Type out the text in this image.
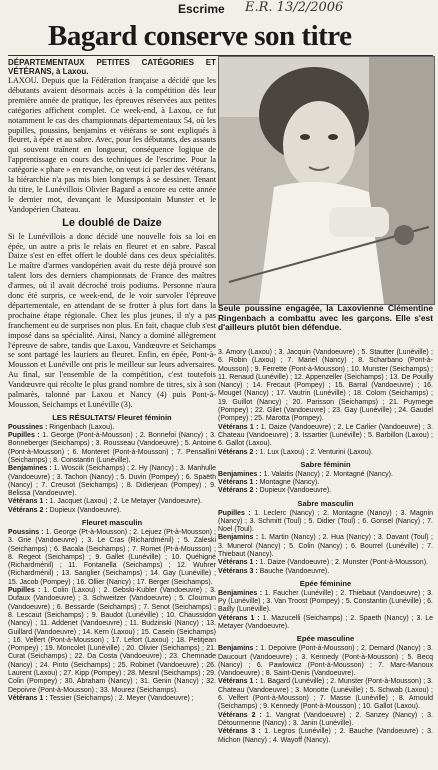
Escrime E.R. 13/2/2006
Bagard conserve son titre
DÉPARTEMENTAUX PETITES CATÉGORIES ET VÉTÉRANS, à Laxou.
LAXOU. Depuis que la Fédération française a décidé que les débutants avaient désormais accès à la compétition dès leur première année de pratique, les épreuves réservées aux petites catégories affichent complet. Ce week-end, à Laxou, ce fut notamment le cas des championnats départementaux 54, où les pupilles, poussins, benjamins et vétérans se sont expliqués à fleuret, à épée et au sabre. Avec, pour les débutants, des assauts qui souvent traînent en longueur, conséquence logique de l'apprentissage en cours des techniques de l'escrime. Pour la catégorie « phare » en revanche, on veut ici parler des vétérans, la hiérarchie n'a pas mis bien longtemps à se dessiner. Tenant du titre, le Lunévillois Olivier Bagard a encore eu cette année le dernier mot, devançant le Mussipontain Munster et le Vandopérien Chateau.
Le doublé de Daize
Si le Lunévillois a donc décidé une nouvelle fois sa loi en épée, un autre a pris le relais en fleuret et en sabre. Pascal Daize s'est en effet offert le doublé dans ces deux spécialités. Le maître d'armes vandopérien avait du reste déjà prouvé son talent lors des derniers championnats de France des maîtres d'armes, où il avait décroché trois podiums. Personne n'aura donc été surpris, ce week-end, de le voir survoler l'épreuve départementale, en attendant de se frotter à plus fort dans la prochaine étape régionale. Chez les plus jeunes, il n'y a pas franchement eu de surprises non plus. En fait, chaque club s'est imposé dans sa spécialité. Ainsi, Nancy a dominé allègrement l'épreuve de sabre, tandis que Laxou, Vandœuvre et Seichamps se sont partagé les lauriers au fleuret. Enfin, en épée, Pont-à-Mousson et Lunéville ont pris le meilleur sur leurs adversaires. Au final, sur l'ensemble de la compétition, c'est toutefois Vandœuvre qui récolte le plus grand nombre de titres, six à son palmarès, talonné par Laxou et Nancy (4) puis Pont-à-Mousson, Seichamps et Lunéville (3).
LES RÉSULTATS/ Fleuret féminin

Poussines : Ringenbach (Laxou).

Pupilles : 1. George (Pont-à-Mousson) ; 2. Bonnefoi (Nancy) ; 3. Bonneberger (Seichamps) ; 3. Rousseau (Vandoeuvre) ; 5. Antoine (Pont-à-Mousson) ; 6. Monteret (Pont-à-Mousson) ; 7. Pensallini (Seichamps) ; 8. Constantin (Lunéville).

Benjamines : 1. Woscik (Seichamps) ; 2. Hy (Nancy) ; 3. Manhulle (Vandoeuvre) ; 3. Tachon (Nancy) ; 5. Duvin (Pompey) ; 6. Spaëth (Nancy) ; 7. Creusot (Seichamps) ; 8. Didierjean (Pompey) ; 9. Belissa (Vandoeuvre).

Vétérans 1 : 1. Jacquet (Laxou) ; 2. Le Metayer (Vandoeuvre).

Vétérans 2 : Dupieux (Vandoeuvre).

Fleuret masculin

Poussins : 1. George (Pt-à-Mousson) ; 2. Lejuez (Pt-à-Mousson) ; 3. Grie (Vandoeuvre) ; 3. Le Cras (Richardménil) ; 5. Zaleski (Seichamps) ; 6. Bacala (Seichamps) ; 7. Romet (Pt-à-Mousson) ; 8. Regeot (Seichamps) ; 9. Gallet (Lunéville) ; 10. Quéhigné (Richardménil) ; 11. Fontanella (Seichamps) ; 12. Wuhrer (Richardménil) ; 13. Sanglier (Seichamps) ; 14. Gay (Lunéville) ; 15. Jacob (Pompey) ; 16. Ollier (Nancy) ; 17. Berger (Seichamps).

Pupilles : 1. Colin (Laxou) ; 2. Gebski-Kubler (Vandoeuvre) ; 3. Dufaux (Vandoeuvre) ; 3. Schweitzer (Vandoeuvre) ; 5. Cloumun (Vandoeuvre) ; 6. Bessarde (Seichamps) ; 7. Senot (Seichamps) ; 8. Lescaut (Seichamps) ; 9. Baudot (Lunéville) ; 10. Chaussidon (Nancy) ; 11. Addenet (Vandoeuvre) ; 11. Budzinski (Nancy) ; 13. Guillard (Vandoeuvre) ; 14. Kern (Laxou) ; 15. Casein (Seichamps) ; 16. Velfert (Pont-à-Mousson) ; 17. Lefort (Laxou) ; 18. Petitjean (Pompey) ; 19. Moncolet (Lunéville) ; 20. Olivier (Seichamps) ; 21. Curat (Seichamps) ; 22. Da Costa (Vandoeuvre) ; 23. Chemnade (Nancy) ; 24. Pinto (Seichamps) ; 25. Robinet (Vandoeuvre) ; 26. Laurent (Laxou) ; 27. Kipp (Pompey) ; 28. Mesnil (Seichamps) ; 29. Colin (Pompey) ; 30. Abraham (Nancy) ; 31. Genin (Nancy) ; 32. Depoivre (Pont-à-Mousson) ; 33. Mourez (Seichamps).

Vétérans 1 : Tessier (Seichamps) ; 2. Meyer (Vandoeuvre) ;

Seule poussine engagée, la Laxovienne Clémentine Ringenbach a combattu avec les garçons. Elle s'est d'ailleurs plutôt bien défendue.

3. Amory (Laxou) ; 3. Jacquin (Vandoeuvre) ; 5. Stautter (Lunéville) ; 6. Robin (Laxou) ; 7. Mariel (Nancy) ; 8. Scharbano (Pont-à-Mousson) ; 9. Ferrette (Pont-à-Mousson) ; 10. Munster (Seichamps) ; 11. Renaud (Lunéville) ; 12. Appenzeller (Seichamps) ; 13. De Pouilly (Nancy) ; 14. Frecaut (Pompey) ; 15. Barral (Vandoeuvre) ; 16. Mouget (Nancy) ; 17. Vautrin (Lunéville) ; 18. Colom (Seichamps) ; 19. Guillot (Nancy) ; 20. Parisson (Seichamps) ; 21. Puymege (Pompey) ; 22. Gilet (Vandoeuvre) ; 23. Gay (Lunéville) ; 24. Gaudel (Pompey) ; 25. Marotta (Pompey).

Vétérans 1 : 1. Daize (Vandoeuvre) ; 2. Le Carlier (Vandoeuvre) ; 3. Chateau (Vandoeuvre) ; 3. Issartier (Lunéville) ; 5. Barbillon (Laxou) ; 6. Gallot (Laxou).

Vétérans 2 : 1. Lux (Laxou) ; 2. Venturini (Laxou).

Sabre féminin

Benjamines : 1. Valaitis (Nancy) ; 2. Montagné (Nancy).

Vétérans 1 : Montagne (Nancy).

Vétérans 2 : Dupieux (Vandoeuvre).

Sabre masculin

Pupilles : 1. Leclerc (Nancy) ; 2. Montagne (Nancy) ; 3. Magnin (Nancy) ; 3. Schmitt (Toul) ; 5. Didier (Toul) ; 6. Gonsel (Nancy) ; 7. Noel (Toul).

Benjamins : 1. Martin (Nancy) ; 2. Hua (Nancy) ; 3. Davant (Toul) ; 3. Munerol (Nancy) ; 5. Colin (Nancy) ; 6. Bourrel (Lunéville) ; 7. Thiebaut (Nancy).

Vétérans 1 : 1. Daize (Vandoeuvre) ; 2. Munster (Pont-à-Mousson).

Vétérans 3 : Bauche (Vandoeuvre).

Epée féminine

Benjamines : 1. Faucher (Lunéville) ; 2. Thiebaut (Vandoeuvre) ; 3. Py (Lunéville) ; 3. Van Troost (Pompey) ; 5. Constantin (Lunéville) ; 6. Bailly (Lunéville).

Vétérans 1 : 1. Mazucelli (Seichamps) ; 2. Spaeth (Nancy) ; 3. Le Metayer (Vandoeuvre).

Epée masculine

Benjamins : 1. Depoivre (Pont-à-Mousson) ; 2. Demard (Nancy) ; 3. Daucourt (Vandoeuvre) ; 3. Kennedy (Pont-à-Mousson) ; 5. Becq (Nancy) ; 6. Pawlowicz (Pont-à-Mousson) ; 7. Marc-Manoux (Vandoeuvre) ; 8. Saint-Denis (Vandoeuvre).

Vétérans 1 : 1. Bagard (Lunéville) ; 2. Munster (Pont-à-Mousson) ; 3. Chateau (Vandoeuvre) ; 3. Monotte (Lunéville) ; 5. Schwab (Laxou) ; 6. Velfert (Pont-à-Mousson) ; 7. Masse (Lunéville) ; 8. Arnould (Seichamps) ; 9. Kennedy (Pont-à-Mousson) ; 10. Gallot (Laxou).

Vétérans 2 : 1. Vangrat (Vandoeuvre) ; 2. Sanzey (Nancy) ; 3. Détourmenne (Nancy) ; 3. Janin (Lunéville).

Vétérans 3 : 1. Legros (Lunéville) ; 2. Bauche (Vandoeuvre) ; 3. Michon (Nancy) ; 4. Wayoff (Nancy).
